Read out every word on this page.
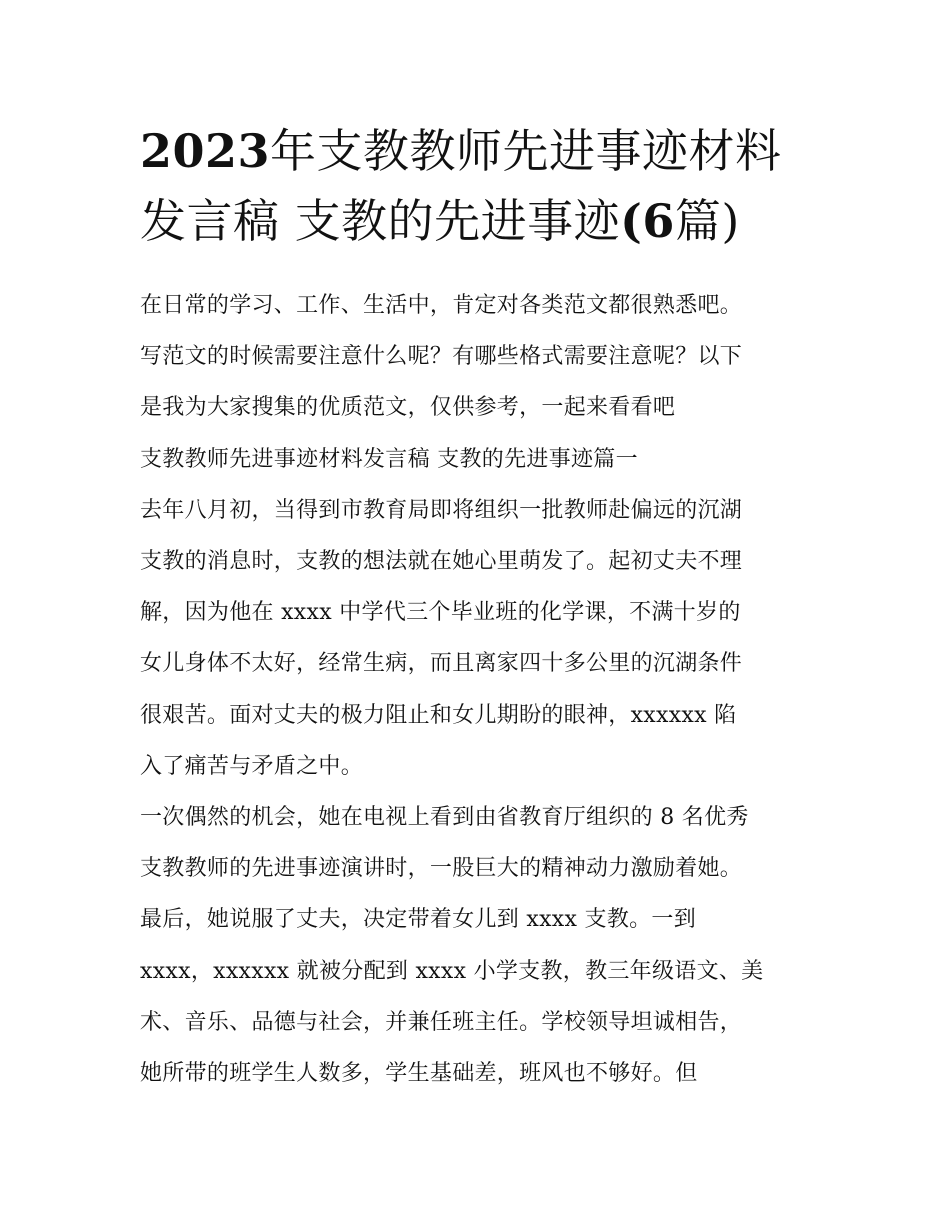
2023年支教教师先进事迹材料
发言稿 支教的先进事迹(6篇)
在日常的学习、工作、生活中，肯定对各类范文都很熟悉吧。
写范文的时候需要注意什么呢？有哪些格式需要注意呢？以下
是我为大家搜集的优质范文，仅供参考，一起来看看吧
支教教师先进事迹材料发言稿 支教的先进事迹篇一
去年八月初，当得到市教育局即将组织一批教师赴偏远的沉湖
支教的消息时，支教的想法就在她心里萌发了。起初丈夫不理
解，因为他在 xxxx 中学代三个毕业班的化学课，不满十岁的
女儿身体不太好，经常生病，而且离家四十多公里的沉湖条件
很艰苦。面对丈夫的极力阻止和女儿期盼的眼神，xxxxxx 陷
入了痛苦与矛盾之中。
一次偶然的机会，她在电视上看到由省教育厅组织的 8 名优秀
支教教师的先进事迹演讲时，一股巨大的精神动力激励着她。
最后，她说服了丈夫，决定带着女儿到 xxxx 支教。一到
xxxx，xxxxxx 就被分配到 xxxx 小学支教，教三年级语文、美
术、音乐、品德与社会，并兼任班主任。学校领导坦诚相告，
她所带的班学生人数多，学生基础差，班风也不够好。但
